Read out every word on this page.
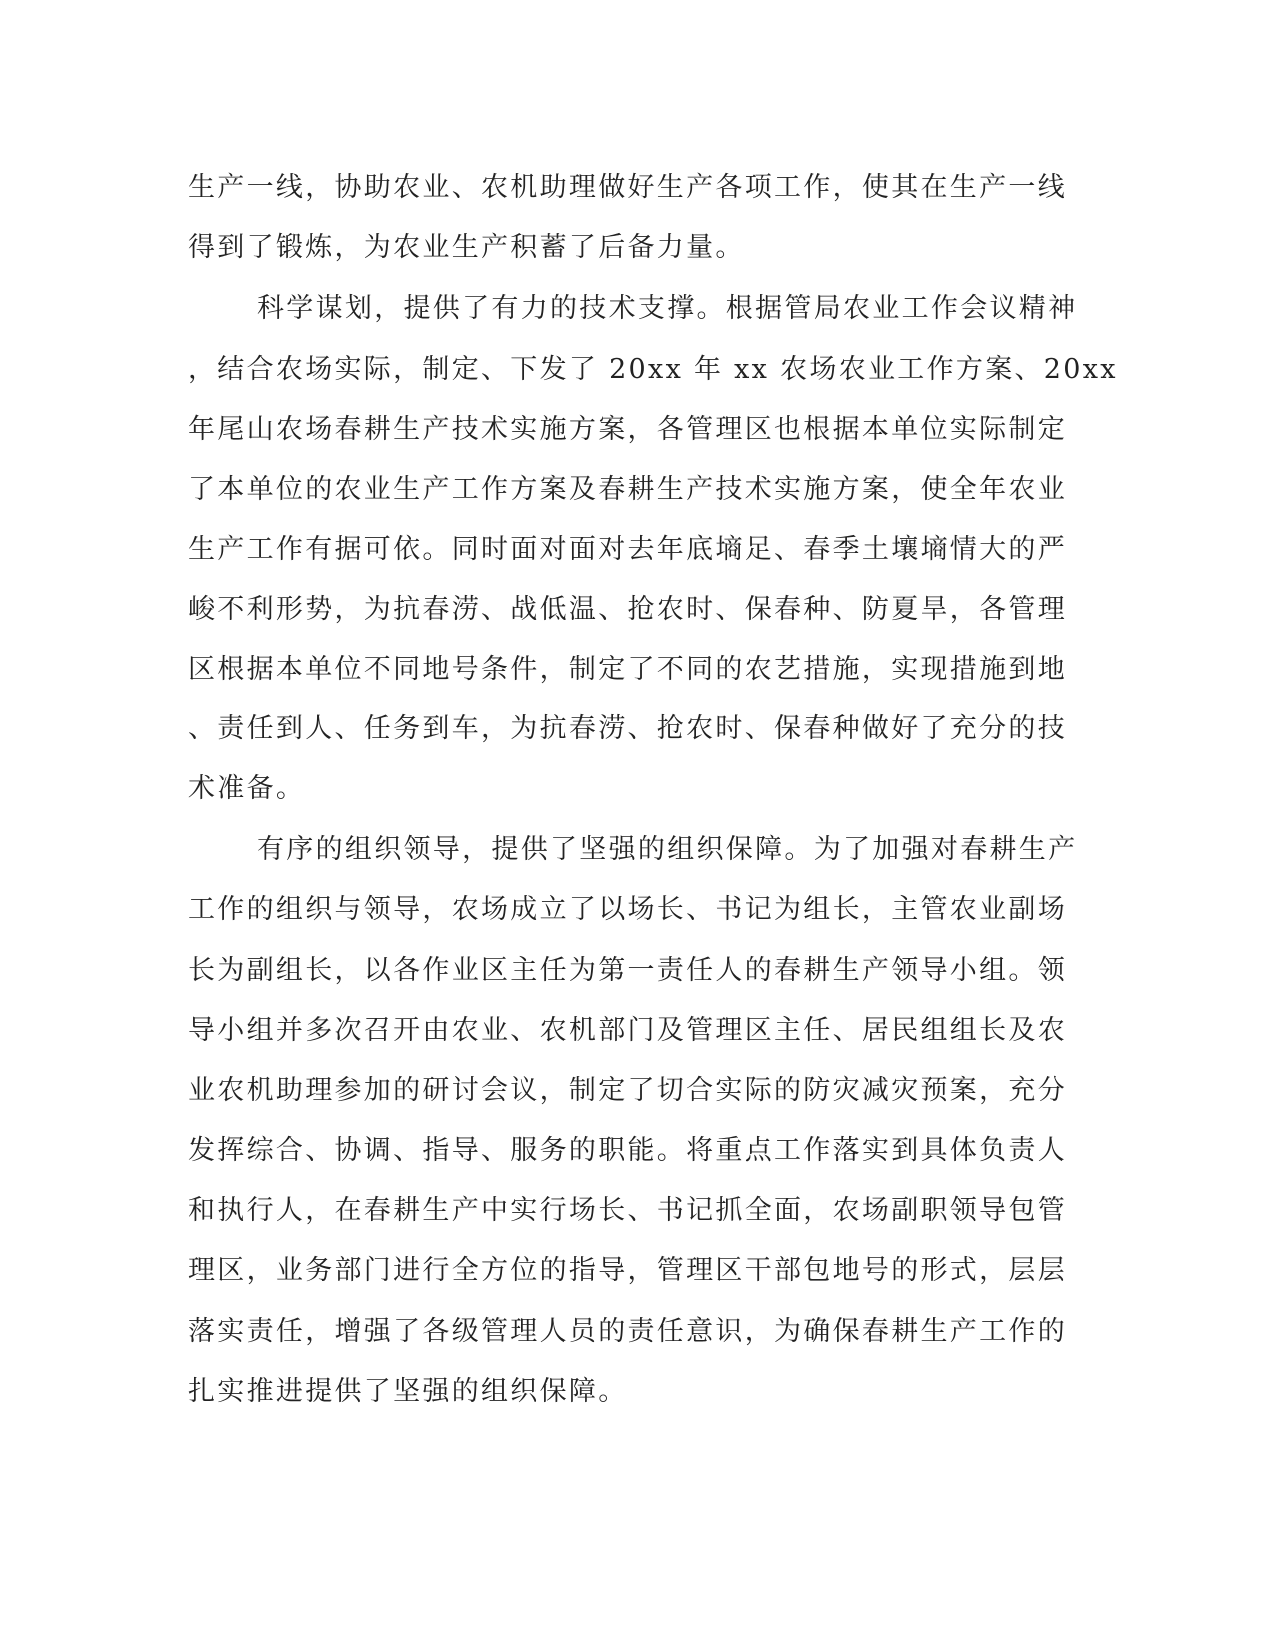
生产一线，协助农业、农机助理做好生产各项工作，使其在生产一线
得到了锻炼，为农业生产积蓄了后备力量。
科学谋划，提供了有力的技术支撑。根据管局农业工作会议精神
，结合农场实际，制定、下发了 20xx 年 xx 农场农业工作方案、20xx
年尾山农场春耕生产技术实施方案，各管理区也根据本单位实际制定
了本单位的农业生产工作方案及春耕生产技术实施方案，使全年农业
生产工作有据可依。同时面对面对去年底墒足、春季土壤墒情大的严
峻不利形势，为抗春涝、战低温、抢农时、保春种、防夏旱，各管理
区根据本单位不同地号条件，制定了不同的农艺措施，实现措施到地
、责任到人、任务到车，为抗春涝、抢农时、保春种做好了充分的技
术准备。
有序的组织领导，提供了坚强的组织保障。为了加强对春耕生产
工作的组织与领导，农场成立了以场长、书记为组长，主管农业副场
长为副组长，以各作业区主任为第一责任人的春耕生产领导小组。领
导小组并多次召开由农业、农机部门及管理区主任、居民组组长及农
业农机助理参加的研讨会议，制定了切合实际的防灾减灾预案，充分
发挥综合、协调、指导、服务的职能。将重点工作落实到具体负责人
和执行人，在春耕生产中实行场长、书记抓全面，农场副职领导包管
理区，业务部门进行全方位的指导，管理区干部包地号的形式，层层
落实责任，增强了各级管理人员的责任意识，为确保春耕生产工作的
扎实推进提供了坚强的组织保障。
